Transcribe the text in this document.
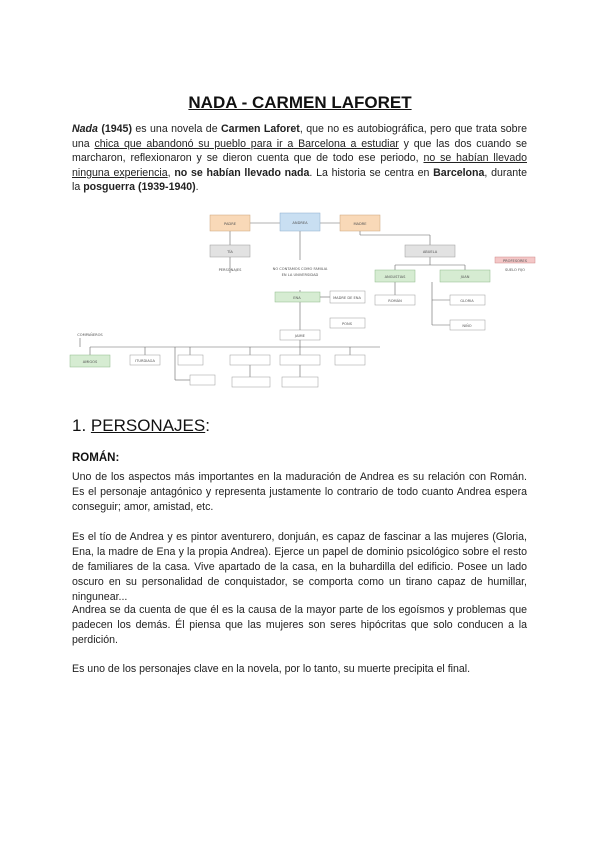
NADA - CARMEN LAFORET

Nada (1945) es una novela de Carmen Laforet, que no es autobiográfica, pero que trata sobre una chica que abandonó su pueblo para ir a Barcelona a estudiar y que las dos cuando se marcharon, reflexionaron y se dieron cuenta que de todo ese periodo, no se habían llevado ninguna experiencia, no se habían llevado nada. La historia se centra en Barcelona, durante la posguerra (1939-1940).

PADRE	ANDREA	MADRE
TÍA
PERSONAJES
ABUELA
ANGUSTIAS	JUAN
PROFESORES
SUELO FIJO
ROMÁN	GLORIA
NIÑO
NO CONTAMOS COMO FAMILIA
EN LA UNIVERSIDAD
ENA	MADRE DE ENA
PONS
JAIME
COMPAÑEROS
AMIGOS	ITURDIAGA
1. PERSONAJES:
ROMÁN:

Uno de los aspectos más importantes en la maduración de Andrea es su relación con Román. Es el personaje antagónico y representa justamente lo contrario de todo cuanto Andrea espera conseguir; amor, amistad, etc.

Es el tío de Andrea y es pintor aventurero, donjuán, es capaz de fascinar a las mujeres (Gloria, Ena, la madre de Ena y la propia Andrea). Ejerce un papel de dominio psicológico sobre el resto de familiares de la casa. Vive apartado de la casa, en la buhardilla del edificio. Posee un lado oscuro en su personalidad de conquistador, se comporta como un tirano capaz de humillar, ningunear...

Andrea se da cuenta de que él es la causa de la mayor parte de los egoísmos y problemas que padecen los demás. Él piensa que las mujeres son seres hipócritas que solo conducen a la perdición.

Es uno de los personajes clave en la novela, por lo tanto, su muerte precipita el final.
